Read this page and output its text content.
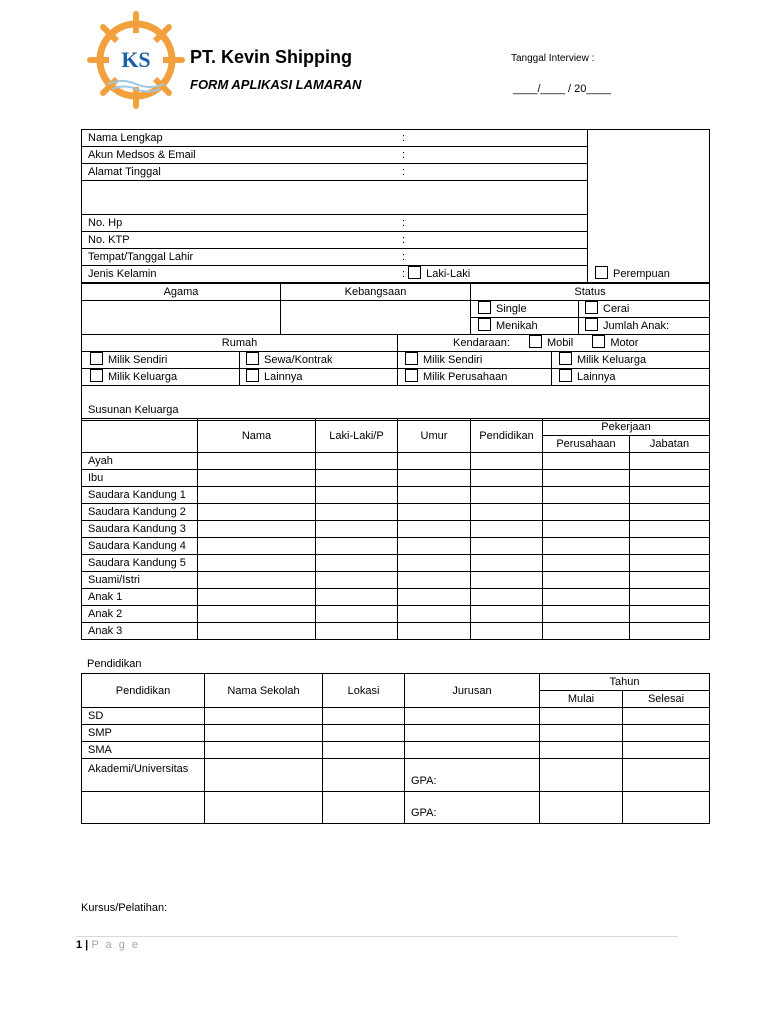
KS PT. Kevin Shipping
FORM APLIKASI LAMARAN
Tanggal Interview :
____/____ / 20____
Nama Lengkap	:

Akun Medsos & Email	:

Alamat Tinggal	:

No. Hp	:

No. KTP	:

Tempat/Tanggal Lahir	:

Jenis Kelamin	: Laki-Laki	Perempuan
Agama	Kebangsaan	Status	
		Single	Cerai
		Menikah	Jumlah Anak:
Rumah		Kendaraan: Mobil Motor	
Milik Sendiri	Sewa/Kontrak	Milik Sendiri	Milik Keluarga
Milik Keluarga	Lainnya	Milik Perusahaan	Lainnya
Susunan Keluarga			
	Nama	Laki-Laki/P	Umur	Pendidikan	Pekerjaan	
					Perusahaan	Jabatan
Ayah						
Ibu						
Saudara Kandung 1						
Saudara Kandung 2						
Saudara Kandung 3						
Saudara Kandung 4						
Saudara Kandung 5						
Suami/Istri						
Anak 1						
Anak 2						
Anak 3						
Pendidikan
Pendidikan	Nama Sekolah	Lokasi	Jurusan	Tahun	
				Mulai	Selesai
SD					
SMP					
SMA					
Akademi/Universitas			GPA:		
			GPA:		
Kursus/Pelatihan:
1 | P a g e
